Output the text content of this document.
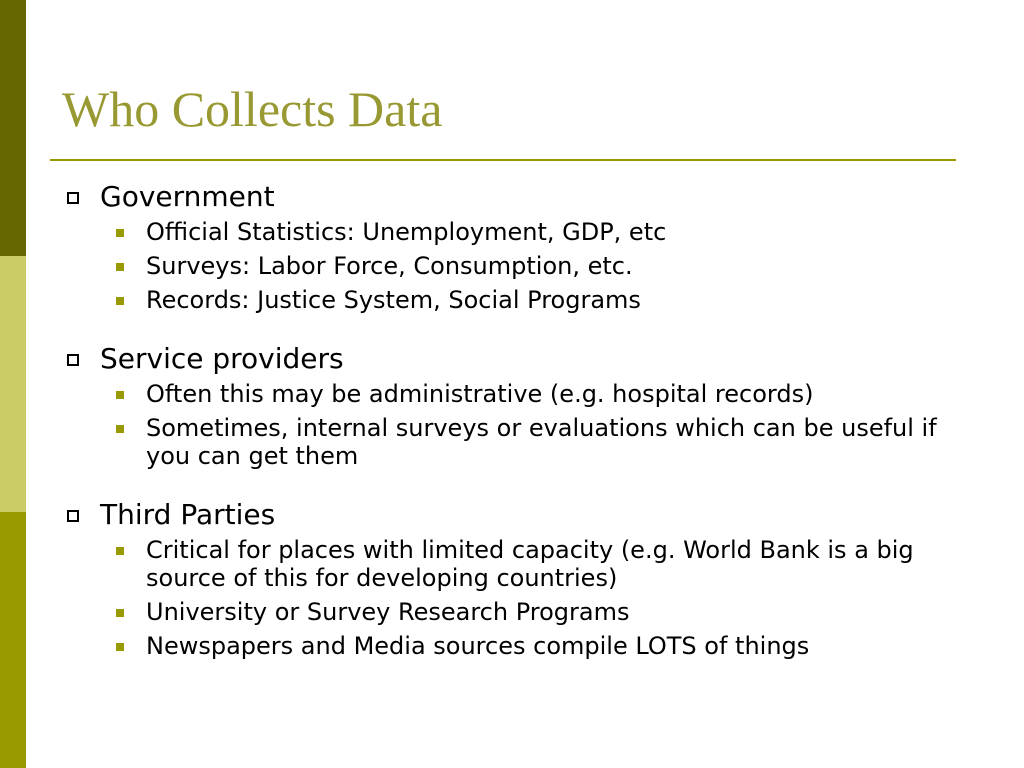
Who Collects Data
Government
Official Statistics: Unemployment, GDP, etc
Surveys: Labor Force, Consumption, etc.
Records: Justice System, Social Programs
Service providers
Often this may be administrative (e.g. hospital records)
Sometimes, internal surveys or evaluations which can be useful if you can get them
Third Parties
Critical for places with limited capacity (e.g. World Bank is a big source of this for developing countries)
University or Survey Research Programs
Newspapers and Media sources compile LOTS of things
